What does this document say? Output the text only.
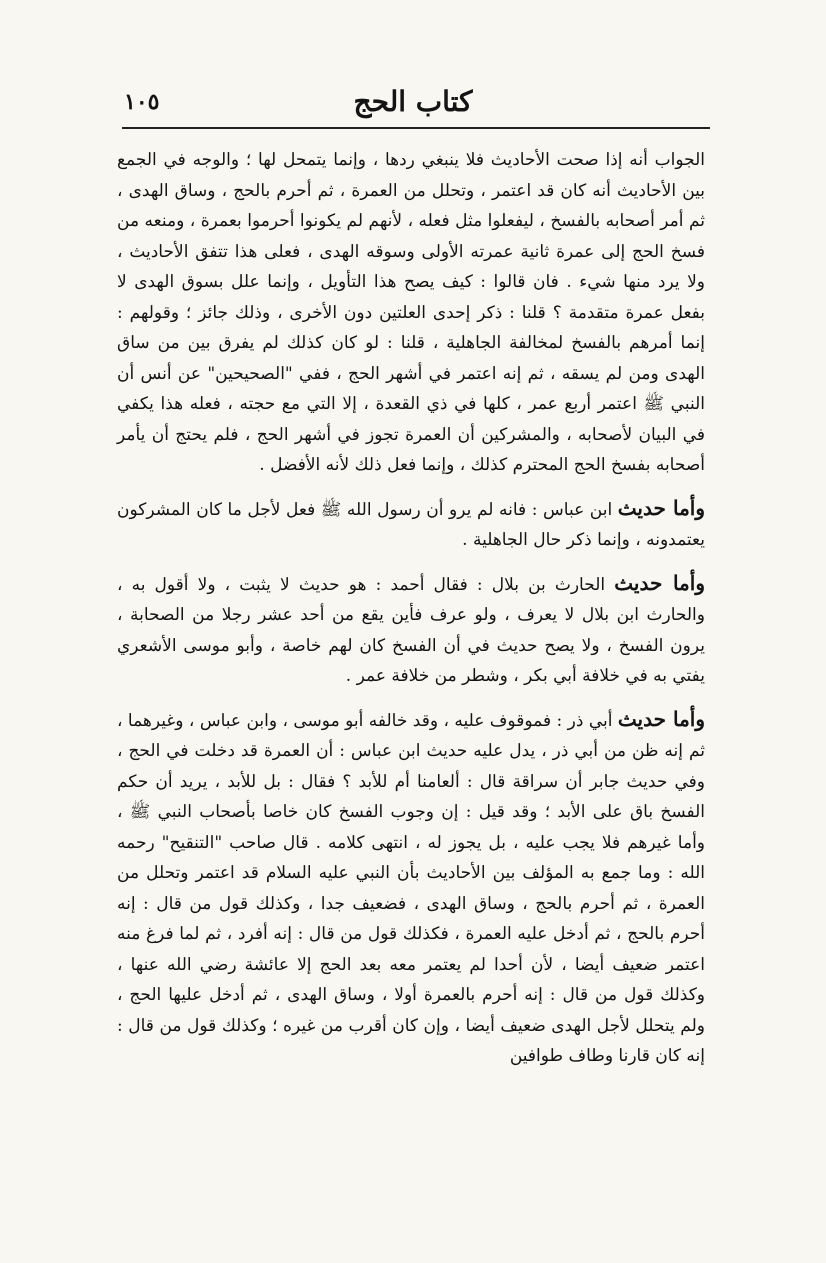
كتاب الحج
١٠٥

الجواب أنه إذا صحت الأحاديث فلا ينبغي ردها ، وإنما يتمحل لها ؛ والوجه في الجمع بين الأحاديث أنه كان قد اعتمر ، وتحلل من العمرة ، ثم أحرم بالحج ، وساق الهدى ، ثم أمر أصحابه بالفسخ ، ليفعلوا مثل فعله ، لأنهم لم يكونوا أحرموا بعمرة ، ومنعه من فسخ الحج إلى عمرة ثانية عمرته الأولى وسوقه الهدى ، فعلى هذا تتفق الأحاديث ، ولا يرد منها شيء . فان قالوا : كيف يصح هذا التأويل ، وإنما علل بسوق الهدى لا بفعل عمرة متقدمة ؟ قلنا : ذكر إحدى العلتين دون الأخرى ، وذلك جائز ؛ وقولهم : إنما أمرهم بالفسخ لمخالفة الجاهلية ، قلنا : لو كان كذلك لم يفرق بين من ساق الهدى ومن لم يسقه ، ثم إنه اعتمر في أشهر الحج ، ففي "الصحيحين" عن أنس أن النبي ﷺ اعتمر أربع عمر ، كلها في ذي القعدة ، إلا التي مع حجته ، فعله هذا يكفي في البيان لأصحابه ، والمشركين أن العمرة تجوز في أشهر الحج ، فلم يحتج أن يأمر أصحابه بفسخ الحج المحترم كذلك ، وإنما فعل ذلك لأنه الأفضل .

وأما حديث ابن عباس : فانه لم يرو أن رسول الله ﷺ فعل لأجل ما كان المشركون يعتمدونه ، وإنما ذكر حال الجاهلية .

وأما حديث الحارث بن بلال : فقال أحمد : هو حديث لا يثبت ، ولا أقول به ، والحارث ابن بلال لا يعرف ، ولو عرف فأين يقع من أحد عشر رجلا من الصحابة ، يرون الفسخ ، ولا يصح حديث في أن الفسخ كان لهم خاصة ، وأبو موسى الأشعري يفتي به في خلافة أبي بكر ، وشطر من خلافة عمر .

وأما حديث أبي ذر : فموقوف عليه ، وقد خالفه أبو موسى ، وابن عباس ، وغيرهما ، ثم إنه ظن من أبي ذر ، يدل عليه حديث ابن عباس : أن العمرة قد دخلت في الحج ، وفي حديث جابر أن سراقة قال : ألعامنا أم للأبد ؟ فقال : بل للأبد ، يريد أن حكم الفسخ باق على الأبد ؛ وقد قيل : إن وجوب الفسخ كان خاصا بأصحاب النبي ﷺ ، وأما غيرهم فلا يجب عليه ، بل يجوز له ، انتهى كلامه . قال صاحب "التنقيح" رحمه الله : وما جمع به المؤلف بين الأحاديث بأن النبي عليه السلام قد اعتمر وتحلل من العمرة ، ثم أحرم بالحج ، وساق الهدى ، فضعيف جدا ، وكذلك قول من قال : إنه أحرم بالحج ، ثم أدخل عليه العمرة ، فكذلك قول من قال : إنه أفرد ، ثم لما فرغ منه اعتمر ضعيف أيضا ، لأن أحدا لم يعتمر معه بعد الحج إلا عائشة رضي الله عنها ، وكذلك قول من قال : إنه أحرم بالعمرة أولا ، وساق الهدى ، ثم أدخل عليها الحج ، ولم يتحلل لأجل الهدى ضعيف أيضا ، وإن كان أقرب من غيره ؛ وكذلك قول من قال : إنه كان قارنا وطاف طوافين
